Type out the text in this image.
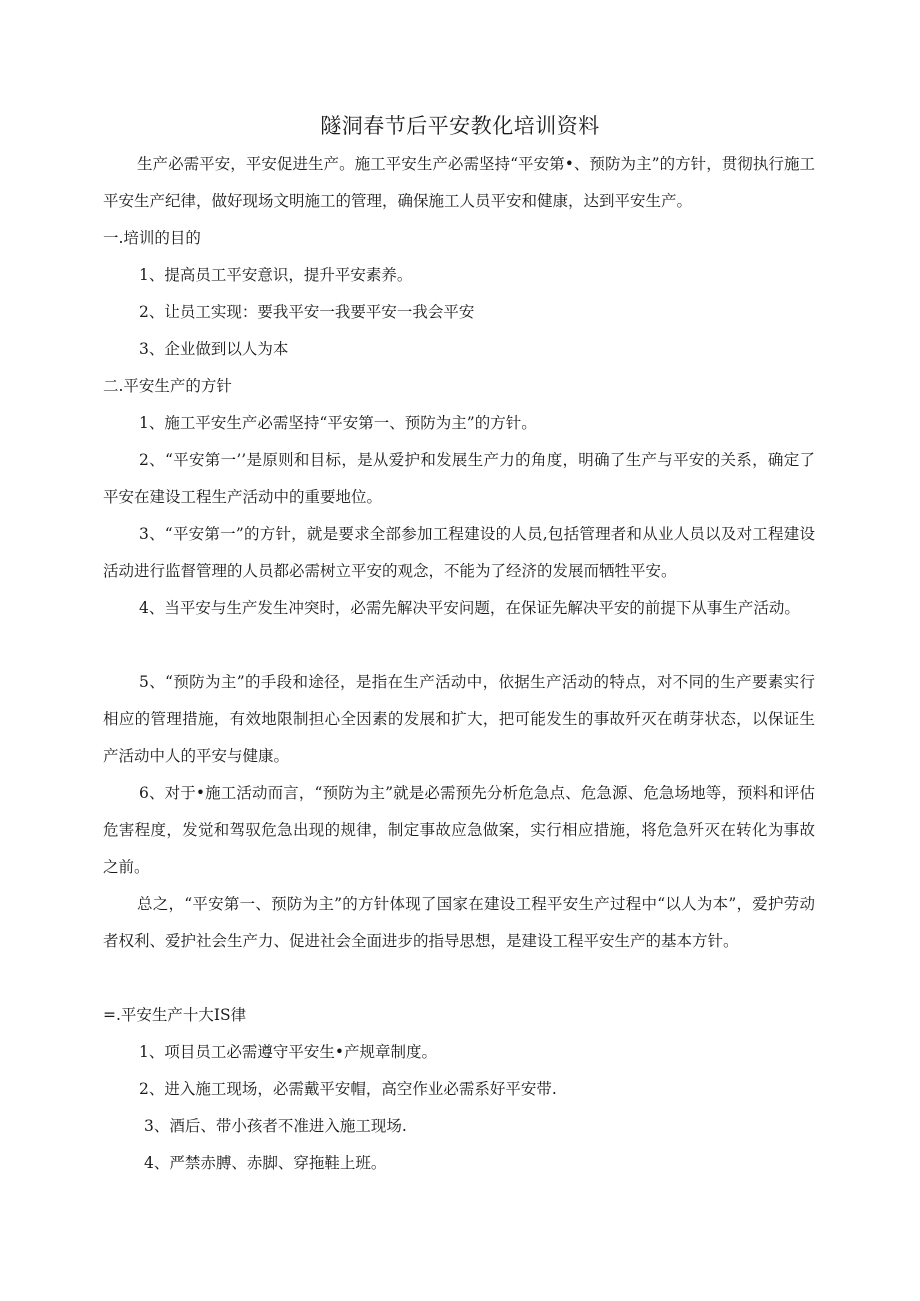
隧洞春节后平安教化培训资料

生产必需平安，平安促进生产。施工平安生产必需坚持“平安第•、预防为主”的方针，贯彻执行施工平安生产纪律，做好现场文明施工的管理，确保施工人员平安和健康，达到平安生产。

一.培训的目的

1、提高员工平安意识，提升平安素养。

2、让员工实现：要我平安一我要平安一我会平安

3、企业做到以人为本

二.平安生产的方针

1、施工平安生产必需坚持“平安第一、预防为主”的方针。

2、“平安第一’’是原则和目标，是从爱护和发展生产力的角度，明确了生产与平安的关系，确定了平安在建设工程生产活动中的重要地位。

3、“平安第一”的方针，就是要求全部参加工程建设的人员,包括管理者和从业人员以及对工程建设活动进行监督管理的人员都必需树立平安的观念，不能为了经济的发展而牺牲平安。

4、当平安与生产发生冲突时，必需先解决平安问题，在保证先解决平安的前提下从事生产活动。

5、“预防为主”的手段和途径，是指在生产活动中，依据生产活动的特点，对不同的生产要素实行相应的管理措施，有效地限制担心全因素的发展和扩大，把可能发生的事故歼灭在萌芽状态，以保证生产活动中人的平安与健康。

6、对于•施工活动而言，“预防为主”就是必需预先分析危急点、危急源、危急场地等，预料和评估危害程度，发觉和驾驭危急出现的规律，制定事故应急做案，实行相应措施，将危急歼灭在转化为事故之前。

总之，“平安第一、预防为主”的方针体现了国家在建设工程平安生产过程中“以人为本”，爱护劳动者权利、爱护社会生产力、促进社会全面进步的指导思想，是建设工程平安生产的基本方针。

=.平安生产十大IS律

1、项目员工必需遵守平安生•产规章制度。

2、进入施工现场，必需戴平安帽，高空作业必需系好平安带.

3、酒后、带小孩者不准进入施工现场.

4、严禁赤膊、赤脚、穿拖鞋上班。
